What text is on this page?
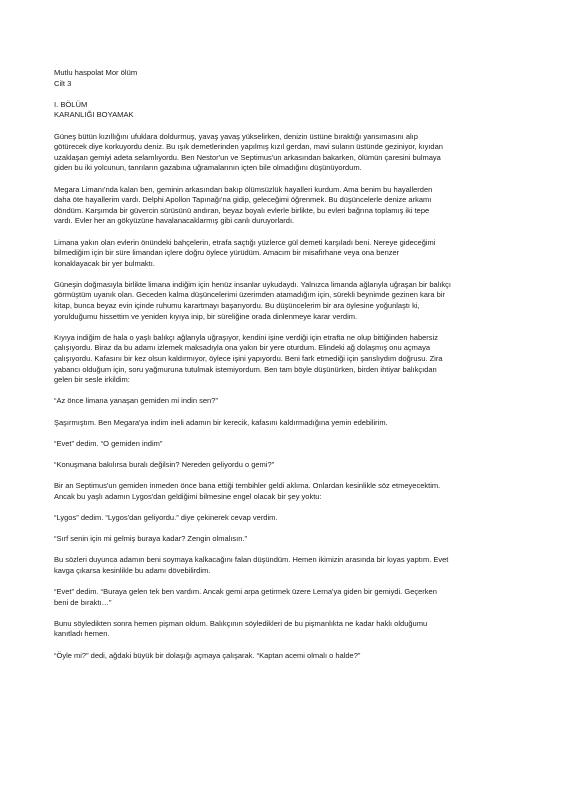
Mutlu haspolat Mor ölüm
Cilt 3
I. BÖLÜM
KARANLIĞI BOYAMAK
Güneş bütün kızıllığını ufuklara doldurmuş, yavaş yavaş yükselirken, denizin üstüne bıraktığı yansımasını alıp
götürecek diye korkuyordu deniz. Bu ışık demetlerinden yapılmış kızıl gerdan, mavi suların üstünde geziniyor, kıyıdan
uzaklaşan gemiyi adeta selamlıyordu. Ben Nestor'un ve Septimus'un arkasından bakarken, ölümün çaresini bulmaya
giden bu iki yolcunun, tanrıların gazabına uğramalarının içten bile olmadığını düşünüyordum.
Megara Limanı'nda kalan ben, geminin arkasından bakıp ölümsüzlük hayalleri kurdum. Ama benim bu hayallerden
daha öte hayallerim vardı. Delphi Apollon Tapınağı'na gidip, geleceğimi öğrenmek. Bu düşüncelerle denize arkamı
döndüm. Karşımda bir güvercin sürüsünü andıran, beyaz boyalı evlerle birlikte, bu evleri bağrına toplamış iki tepe
vardı. Evler her an gökyüzüne havalanacaklarmış gibi canlı duruyorlardı.
Limana yakın olan evlerin önündeki bahçelerin, etrafa saçtığı yüzlerce gül demeti karşıladı beni. Nereye gideceğimi
bilmediğim için bir süre limandan içlere doğru öylece yürüdüm. Amacım bir misafirhane veya ona benzer
konaklayacak bir yer bulmaktı.
Güneşin doğmasıyla birlikte limana indiğim için henüz insanlar uykudaydı. Yalnızca limanda ağlarıyla uğraşan bir balıkçı
görmüştüm uyanık olan. Geceden kalma düşüncelerimi üzerimden atamadığım için, sürekli beynimde gezinen kara bir
kitap, bunca beyaz evin içinde ruhumu karartmayı başarıyordu. Bu düşüncelerim bir ara öylesine yoğunlaştı ki,
yorulduğumu hissettim ve yeniden kıyıya inip, bir süreliğine orada dinlenmeye karar verdim.
Kıyıya indiğim de hala o yaşlı balıkçı ağlarıyla uğraşıyor, kendini işine verdiği için etrafta ne olup bittiğinden habersiz
çalışıyordu. Biraz da bu adamı izlemek maksadıyla ona yakın bir yere oturdum. Elindeki ağ dolaşmış onu açmaya
çalışıyordu. Kafasını bir kez olsun kaldırmıyor, öylece işini yapıyordu. Beni fark etmediği için şanslıydım doğrusu. Zira
yabancı olduğum için, soru yağmuruna tutulmak istemiyordum. Ben tam böyle düşünürken, birden ihtiyar balıkçıdan
gelen bir sesle irkildim:
“Az önce limana yanaşan gemiden mi indin sen?”
Şaşırmıştım. Ben Megara'ya indim ineli adamın bir kerecik, kafasını kaldırmadığına yemin edebilirim.
“Evet” dedim. “O gemiden indim”
“Konuşmana bakılırsa buralı değilsin? Nereden geliyordu o gemi?”
Bir an Septimus'un gemiden inmeden önce bana ettiği tembihler geldi aklıma. Onlardan kesinlikle söz etmeyecektim.
Ancak bu yaşlı adamın Lygos'dan geldiğimi bilmesine engel olacak bir şey yoktu:
“Lygos” dedim. “Lygos'dan geliyordu.” diye çekinerek cevap verdim.
“Sırf senin için mi gelmiş buraya kadar? Zengin olmalısın.”
Bu sözleri duyunca adamın beni soymaya kalkacağını falan düşündüm. Hemen ikimizin arasında bir kıyas yaptım. Evet
kavga çıkarsa kesinlikle bu adamı dövebilirdim.
“Evet” dedim. “Buraya gelen tek ben vardım. Ancak gemi arpa getirmek üzere Lerna'ya giden bir gemiydi. Geçerken
beni de bıraktı…”
Bunu söyledikten sonra hemen pişman oldum. Balıkçının söyledikleri de bu pişmanlıkta ne kadar haklı olduğumu
kanıtladı hemen.
“Öyle mi?” dedi, ağdaki büyük bir dolaşığı açmaya çalışarak. “Kaptan acemi olmalı o halde?”
